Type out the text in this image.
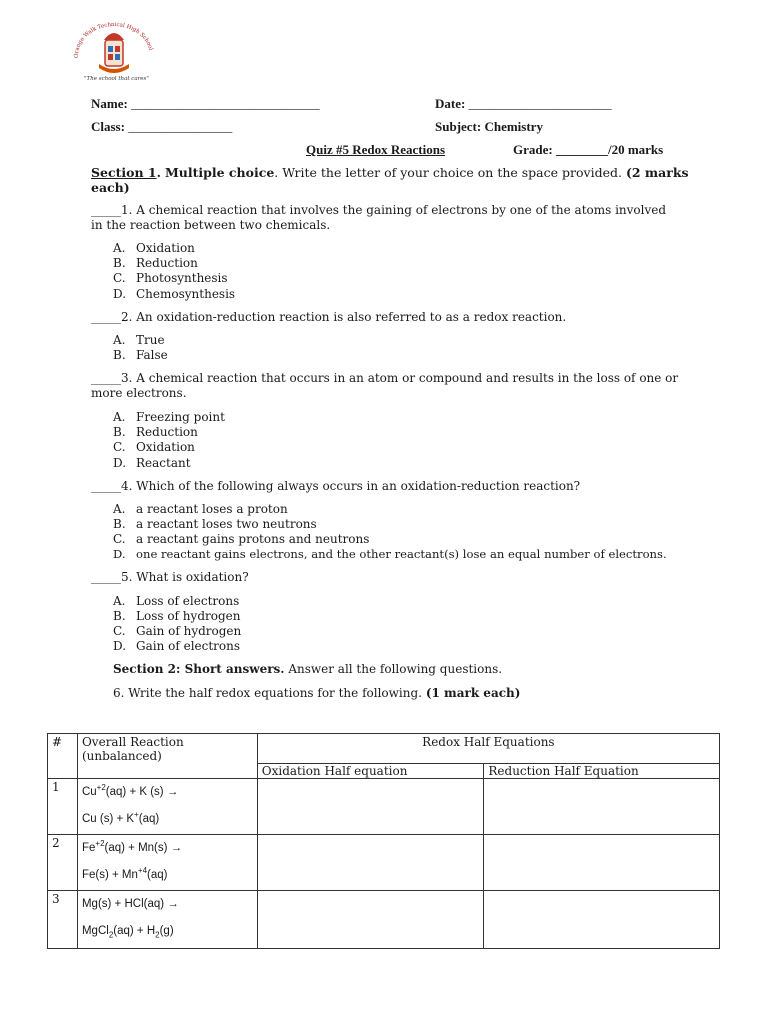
Orange Walk Technical High School
"The school that cares"
Name: _____________________________	Date: ______________________
Class: ________________	Subject: Chemistry
Quiz #5 Redox Reactions	Grade: ________/20 marks
Section 1. Multiple choice. Write the letter of your choice on the space provided. (2 marks each)
_____1. A chemical reaction that involves the gaining of electrons by one of the atoms involved in the reaction between two chemicals.
A. Oxidation
B. Reduction
C. Photosynthesis
D. Chemosynthesis
_____2. An oxidation-reduction reaction is also referred to as a redox reaction.
A. True
B. False
_____3. A chemical reaction that occurs in an atom or compound and results in the loss of one or more electrons.
A. Freezing point
B. Reduction
C. Oxidation
D. Reactant
_____4. Which of the following always occurs in an oxidation-reduction reaction?
A. a reactant loses a proton
B. a reactant loses two neutrons
C. a reactant gains protons and neutrons
D. one reactant gains electrons, and the other reactant(s) lose an equal number of electrons.
_____5. What is oxidation?
A. Loss of electrons
B. Loss of hydrogen
C. Gain of hydrogen
D. Gain of electrons
Section 2: Short answers. Answer all the following questions.
6. Write the half redox equations for the following. (1 mark each)
#	Overall Reaction (unbalanced)	Redox Half Equations	
		Oxidation Half equation	Reduction Half Equation
1	$Cu^{+2}(aq) + K$ (s) →
Cu (s) + K+(aq)		

2	$Fe^{+2}(aq) + Mn(s)$ →
$Fe(s) + Mn^{+4}(aq)$		

3	Mg(s) + HCl(aq) →
MgCl$_2$(aq) + $H_2(g)$		
